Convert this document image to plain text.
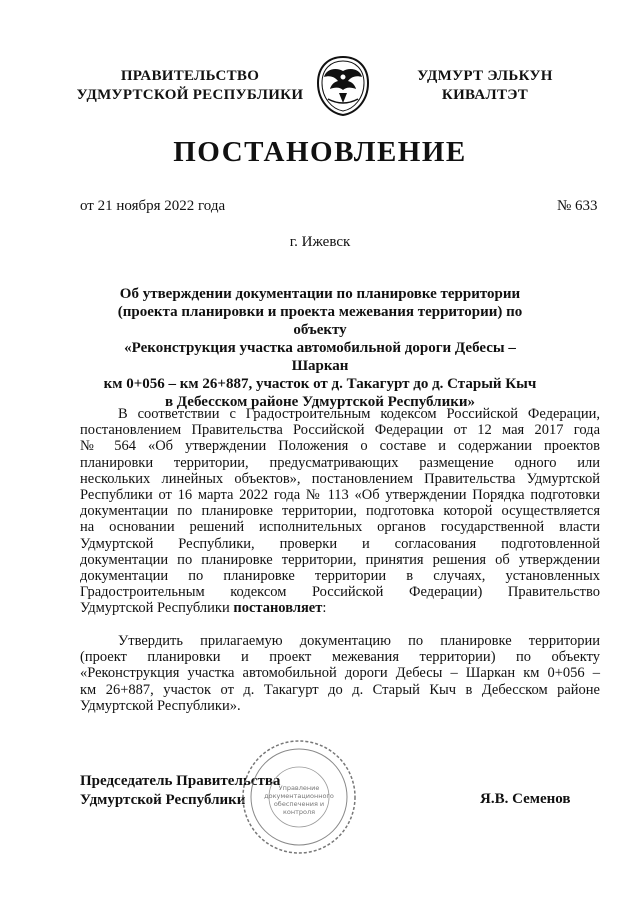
ПРАВИТЕЛЬСТВО
УДМУРТСКОЙ РЕСПУБЛИКИ
УДМУРТ ЭЛЬКУН
КИВАЛТЭТ
ПОСТАНОВЛЕНИЕ
от 21 ноября 2022 года	№ 633
г. Ижевск
Об утверждении документации по планировке территории
(проекта планировки и проекта межевания территории) по объекту
«Реконструкция участка автомобильной дороги Дебесы – Шаркан
км 0+056 – км 26+887, участок от д. Такагурт до д. Старый Кыч
в Дебесском районе Удмуртской Республики»
В соответствии с Градостроительным кодексом Российской Федерации,
постановлением Правительства Российской Федерации от 12 мая 2017 года
№ 564 «Об утверждении Положения о составе и содержании проектов
планировки территории, предусматривающих размещение одного или
нескольких линейных объектов», постановлением Правительства Удмуртской
Республики от 16 марта 2022 года № 113 «Об утверждении Порядка подготовки
документации по планировке территории, подготовка которой осуществляется
на основании решений исполнительных органов государственной власти
Удмуртской Республики, проверки и согласования подготовленной
документации по планировке территории, принятия решения об утверждении
документации по планировке территории в случаях, установленных
Градостроительным кодексом Российской Федерации) Правительство
Удмуртской Республики постановляет:
Утвердить прилагаемую документацию по планировке территории
(проект планировки и проект межевания территории) по объекту
«Реконструкция участка автомобильной дороги Дебесы – Шаркан км 0+056 –
км 26+887, участок от д. Такагурт до д. Старый Кыч в Дебесском районе
Удмуртской Республики».
Председатель Правительства
Удмуртской Республики
Управление
документационного
обеспечения и
контроля
Я.В. Семенов
